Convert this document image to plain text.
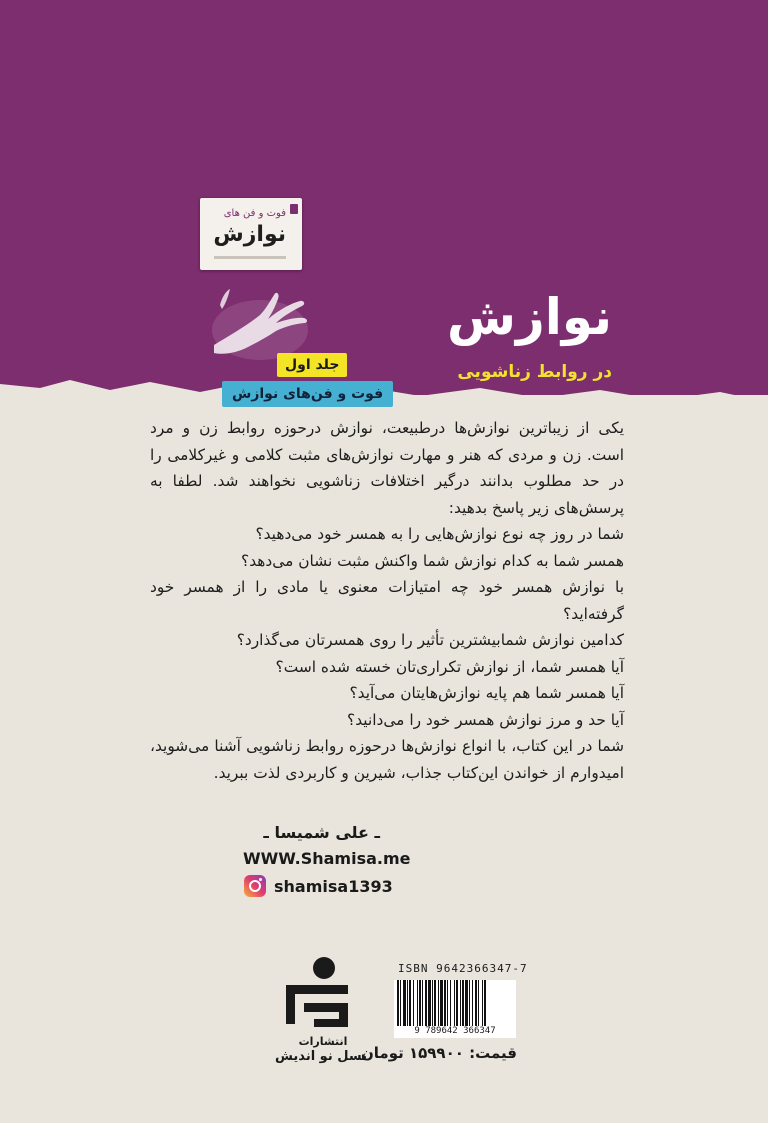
فوت و فن های
نوازش
نوازش
در روابط زناشویی
جلد اول
فوت و فن‌های نوازش

یکی از زیباترین نوازش‌ها درطبیعت، نوازش درحوزه روابط زن و مرد است. زن و مردی که هنر و مهارت نوازش‌های مثبت کلامی و غیرکلامی را در حد مطلوب بدانند درگیر اختلافات زناشویی نخواهند شد. لطفا به پرسش‌های زیر پاسخ بدهید:

شما در روز چه نوع نوازش‌هایی را به همسر خود می‌دهید؟

همسر شما به کدام نوازش شما واکنش مثبت نشان می‌دهد؟

با نوازش همسر خود چه امتیازات معنوی یا مادی را از همسر خود گرفته‌اید؟

کدامین نوازش شمابیشترین تأثیر را روی همسرتان می‌گذارد؟

آیا همسر شما، از نوازش تکراری‌تان خسته شده است؟

آیا همسر شما هم پایه نوازش‌هایتان می‌آید؟

آیا حد و مرز نوازش همسر خود را می‌دانید؟

شما در این کتاب، با انواع نوازش‌ها درحوزه روابط زناشویی آشنا می‌شوید، امیدوارم از خواندن این‌کتاب جذاب، شیرین و کاربردی لذت ببرید.

ـ علی شمیسا ـ
WWW.Shamisa.me
shamisa1393
انتشارات
نسل نو اندیش
ISBN 9642366347-7
9 789642 366347
قیمت: ۱۵۹۹۰۰ تومان
